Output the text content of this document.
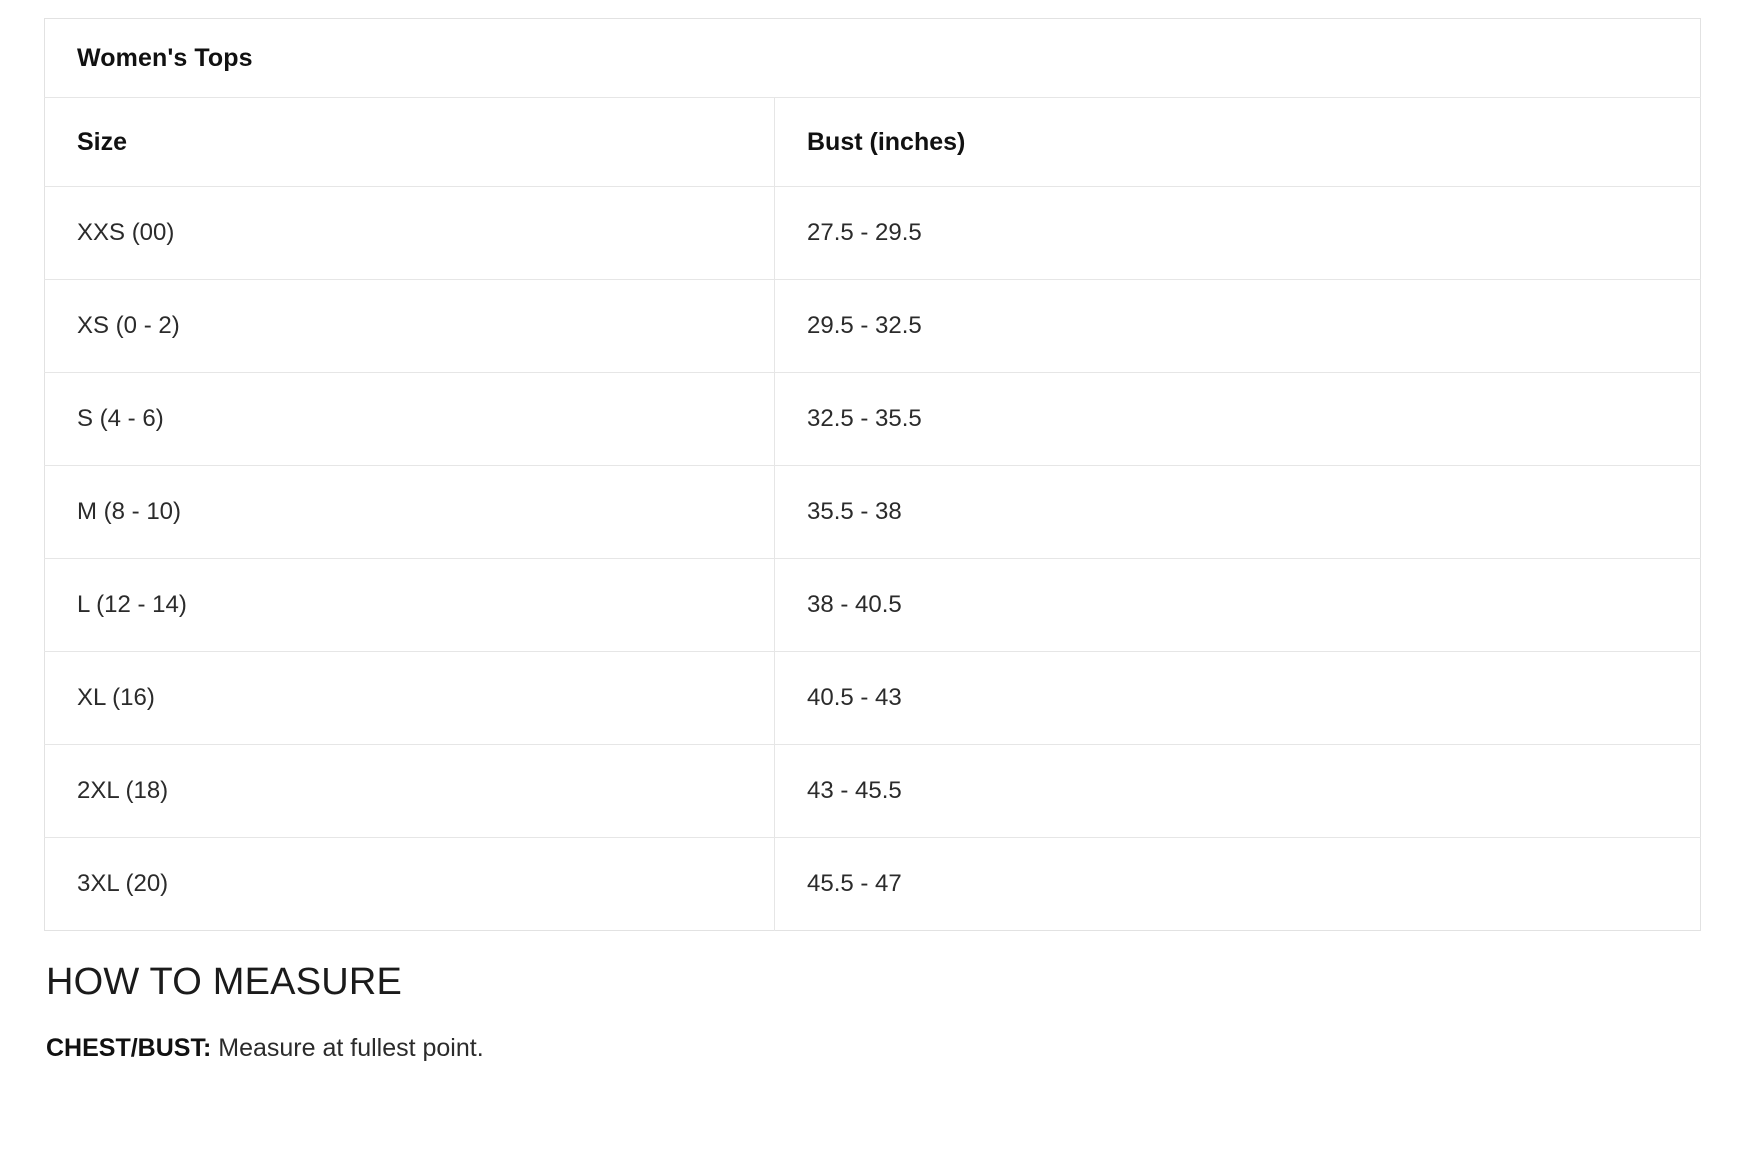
Women's Tops	
Size	Bust (inches)
XXS (00)	27.5 - 29.5
XS (0 - 2)	29.5 - 32.5
S (4 - 6)	32.5 - 35.5
M (8 - 10)	35.5 - 38
L (12 - 14)	38 - 40.5
XL (16)	40.5 - 43
2XL (18)	43 - 45.5
3XL (20)	45.5 - 47
HOW TO MEASURE

CHEST/BUST: Measure at fullest point.
